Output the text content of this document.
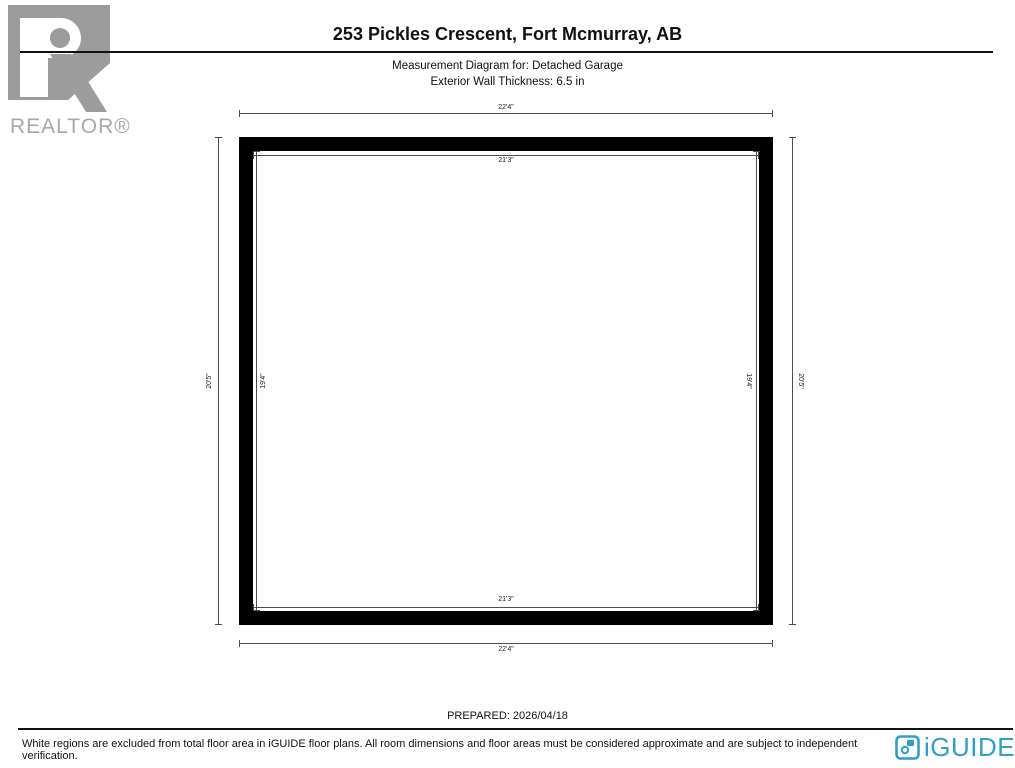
REALTOR®
253 Pickles Crescent, Fort Mcmurray, AB
Measurement Diagram for: Detached Garage
Exterior Wall Thickness: 6.5 in
22'4"
21'3"
21'3"
22'4"
20'5"	19'4"	19'4"	20'5"
PREPARED: 2026/04/18
White regions are excluded from total floor area in iGUIDE floor plans. All room dimensions and floor areas must be considered approximate and are subject to independent verification.	iGUIDE
